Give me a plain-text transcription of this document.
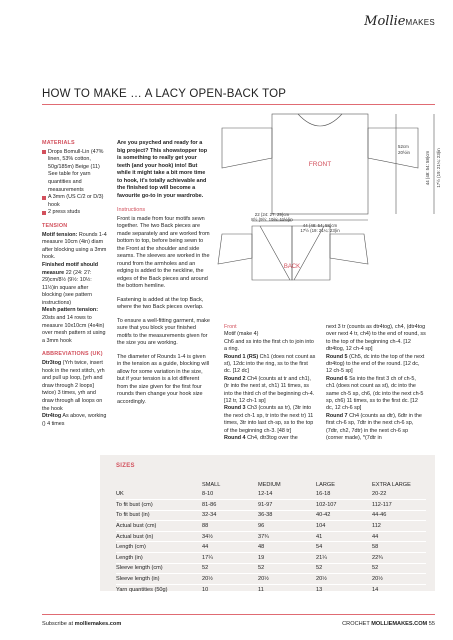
MollieMAKES
HOW TO MAKE … A LACY OPEN-BACK TOP
MATERIALS
Drops Bomull-Lin (47% linen, 53% cotton, 50g/185m) Beige (11)
See table for yarn quantities and measurements
A 3mm (US C/2 or D/3) hook
2 press studs
TENSION

Motif tension: Rounds 1-4 measure 10cm (4in) diam after blocking using a 3mm hook.

Finished motif should measure 22 (24: 27: 29)cm/8½ (9½: 10½: 11½)in square after blocking (see pattern instructions)

Mesh pattern tension: 20sts and 14 rows to measure 10x10cm (4x4in) over mesh pattern st using a 3mm hook

ABBREVIATIONS (UK)

Dtr3tog (Yrh twice, insert hook in the next stitch, yrh and pull up loop, [yrh and draw through 2 loops] twice) 3 times, yrh and draw through all loops on the hook

Dtr4tog As above, working () 4 times

Are you psyched and ready for a big project? This showstopper top is something to really get your teeth (and your hook) into! But while it might take a bit more time to hook, it's totally achievable and the finished top will become a favourite go-to in your wardrobe.
Instructions

Front is made from four motifs sewn together. The two Back pieces are made separately and are worked from bottom to top, before being sewn to the Front at the shoulder and side seams. The sleeves are worked in the round from the armholes and an edging is added to the neckline, the edges of the Back pieces and around the bottom hemline.

Fastening is added at the top Back, where the two Back pieces overlap.

To ensure a well-fitting garment, make sure that you block your finished motifs to the measurements given for the size you are working.

The diameter of Rounds 1-4 is given in the tension as a guide, blocking will allow for some variation in the size, but if your tension is a lot different from the size given for the first four rounds then change your hook size accordingly.

FRONT
BACK
52cm
20½in
44 (48: 54: 58)cm
17½ (19: 21¼: 23)in
22 (24: 27: 29)cm
8½ (9½: 10½: 11½)in
44 (48: 54: 58)cm 17½ (19: 21¼: 23)in
Front
Motif (make 4)
Ch6 and ss into the first ch to join into a ring.
Round 1 (RS) Ch1 (does not count as st), 12dc into the ring, ss to the first dc. [12 dc]
Round 2 Ch4 (counts at tr and ch1), (tr into the next st, ch1) 11 times, ss into the third ch of the beginning ch-4. [12 tr, 12 ch-1 sp]
Round 3 Ch3 (counts as tr), (3tr into the next ch-1 sp, tr into the next tr) 11 times, 3tr into last ch-sp, ss to the top of the beginning ch-3. [48 tr]
Round 4 Ch4, dtr3tog over the
next 3 tr (counts as dtr4tog), ch4, (dtr4tog over next 4 tr, ch4) to the end of round, ss to the top of the beginning ch-4. [12 dtr4tog, 12 ch-4 sp]
Round 5 (Ch5, dc into the top of the next dtr4tog) to the end of the round. [12 dc, 12 ch-5 sp]
Round 6 Ss into the first 3 ch of ch-5, ch1 (does not count as st), dc into the same ch-5 sp, ch6, (dc into the next ch-5 sp, ch6) 11 times, ss to the first dc. [12 dc, 12 ch-6 sp]
Round 7 Ch4 (counts as dtr), 6dtr in the first ch-6 sp, 7dtr in the next ch-6 sp, (7dtr, ch2, 7dtr) in the next ch-6 sp (corner made), *(7dtr in
SIZES
	SMALL	MEDIUM	LARGE	EXTRA LARGE
UK	8-10	12-14	16-18	20-22
To fit bust (cm)	81-86	91-97	102-107	112-117
To fit bust (in)	32-34	36-38	40-42	44-46
Actual bust (cm)	88	96	104	112
Actual bust (in)	34½	37¾	41	44
Length (cm)	44	48	54	58
Length (in)	17¼	19	21¼	22¾
Sleeve length (cm)	52	52	52	52
Sleeve length (in)	20½	20½	20½	20½
Yarn quantities (50g)	10	11	13	14
Subscribe at molliemakes.com	CROCHET MOLLIEMAKES.COM 55
